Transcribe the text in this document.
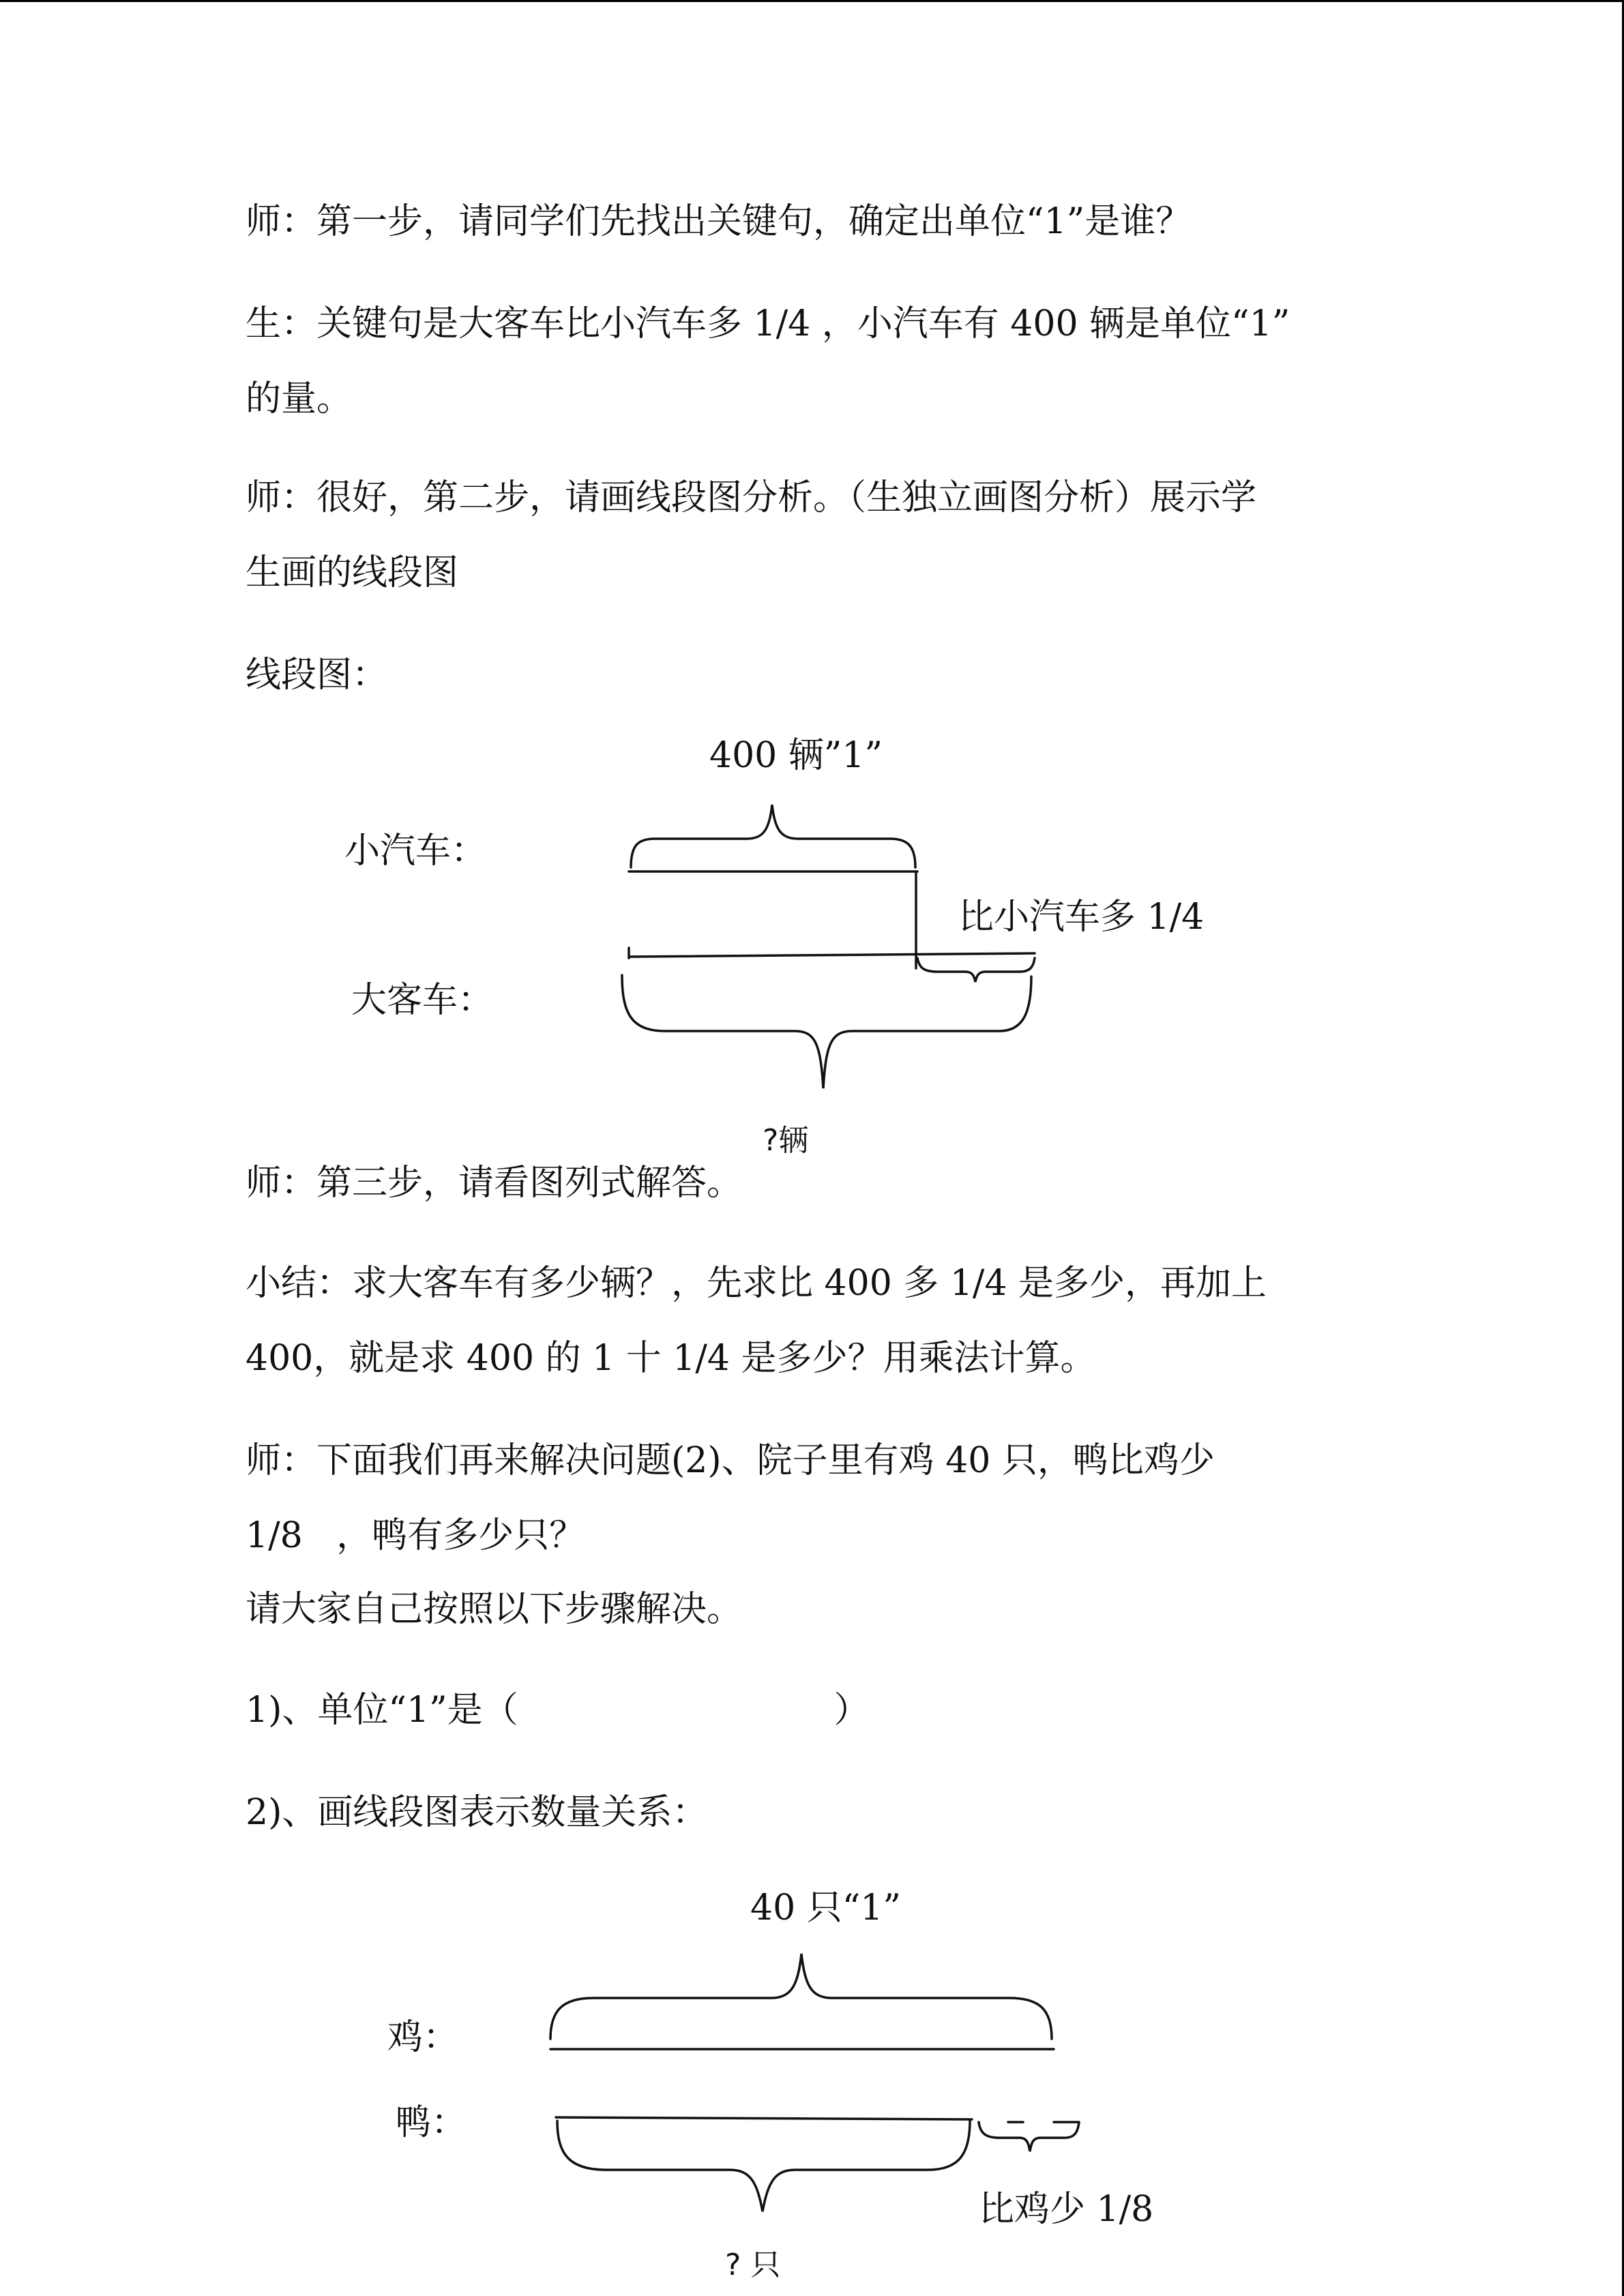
师：第一步，请同学们先找出关键句，确定出单位“1”是谁？
生：关键句是大客车比小汽车多 1/4 ，小汽车有 400 辆是单位“1”
的量。
师：很好，第二步，请画线段图分析。（生独立画图分析）展示学
生画的线段图
线段图：
400 辆”1”
小汽车：
比小汽车多 1/4
大客车：
?辆
师：第三步，请看图列式解答。
小结：求大客车有多少辆？，先求比 400 多 1/4 是多少，再加上
400，就是求 400 的 1 十 1/4 是多少？用乘法计算。
师：下面我们再来解决问题(2)、院子里有鸡 40 只，鸭比鸡少
1/8   ，鸭有多少只？
请大家自己按照以下步骤解决。
1)、单位“1”是（                            ）
2)、画线段图表示数量关系：
40 只“1”
鸡：
鸭：
比鸡少 1/8
? 只
